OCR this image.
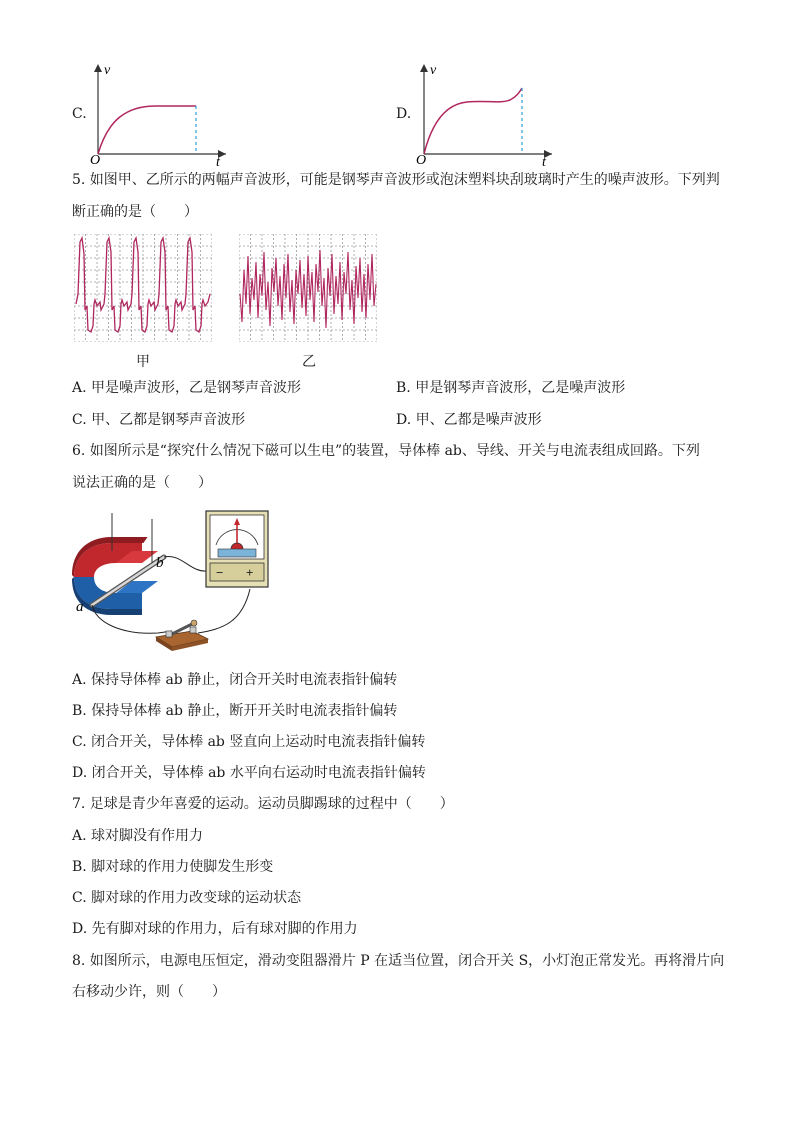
C.
v
O	t
D.
v
O	t
5. 如图甲、乙所示的两幅声音波形，可能是钢琴声音波形或泡沫塑料块刮玻璃时产生的噪声波形。下列判
断正确的是（　　）
甲	乙
A. 甲是噪声波形，乙是钢琴声音波形	B. 甲是钢琴声音波形，乙是噪声波形
C. 甲、乙都是钢琴声音波形	D. 甲、乙都是噪声波形
6. 如图所示是“探究什么情况下磁可以生电”的装置，导体棒 ab、导线、开关与电流表组成回路。下列
说法正确的是（　　）
− +
b
a
A. 保持导体棒 ab 静止，闭合开关时电流表指针偏转
B. 保持导体棒 ab 静止，断开开关时电流表指针偏转
C. 闭合开关，导体棒 ab 竖直向上运动时电流表指针偏转
D. 闭合开关，导体棒 ab 水平向右运动时电流表指针偏转
7. 足球是青少年喜爱的运动。运动员脚踢球的过程中（　　）
A. 球对脚没有作用力
B. 脚对球的作用力使脚发生形变
C. 脚对球的作用力改变球的运动状态
D. 先有脚对球的作用力，后有球对脚的作用力
8. 如图所示，电源电压恒定，滑动变阻器滑片 P 在适当位置，闭合开关 S，小灯泡正常发光。再将滑片向
右移动少许，则（　　）
